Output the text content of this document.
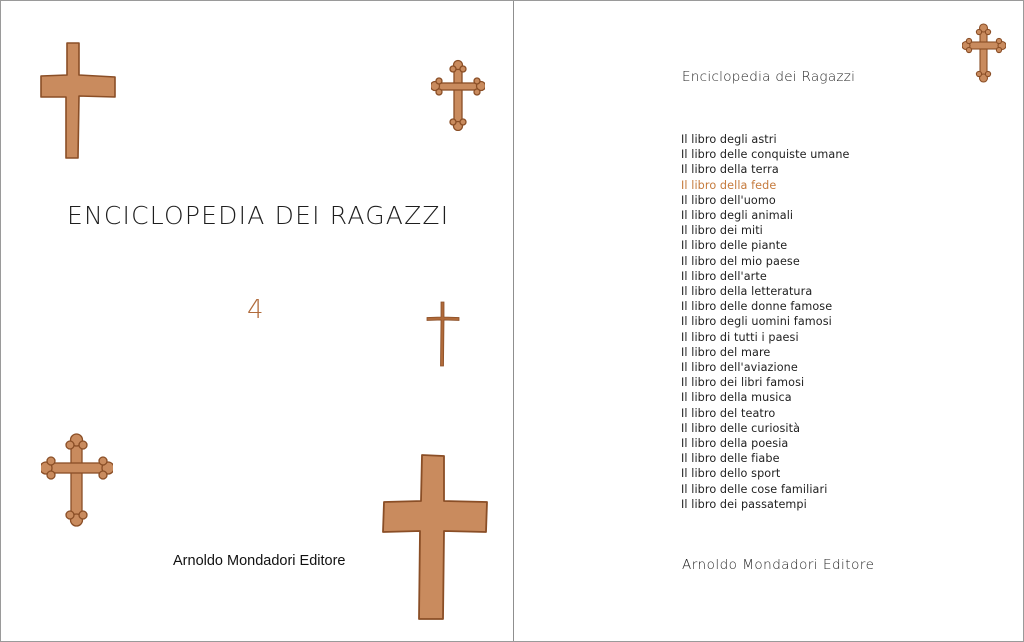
ENCICLOPEDIA DEI RAGAZZI
4
Arnoldo Mondadori Editore
Enciclopedia dei Ragazzi
Il libro degli astri
Il libro delle conquiste umane
Il libro della terra
Il libro della fede
Il libro dell'uomo
Il libro degli animali
Il libro dei miti
Il libro delle piante
Il libro del mio paese
Il libro dell'arte
Il libro della letteratura
Il libro delle donne famose
Il libro degli uomini famosi
Il libro di tutti i paesi
Il libro del mare
Il libro dell'aviazione
Il libro dei libri famosi
Il libro della musica
Il libro del teatro
Il libro delle curiosità
Il libro della poesia
Il libro delle fiabe
Il libro dello sport
Il libro delle cose familiari
Il libro dei passatempi
Arnoldo Mondadori Editore
